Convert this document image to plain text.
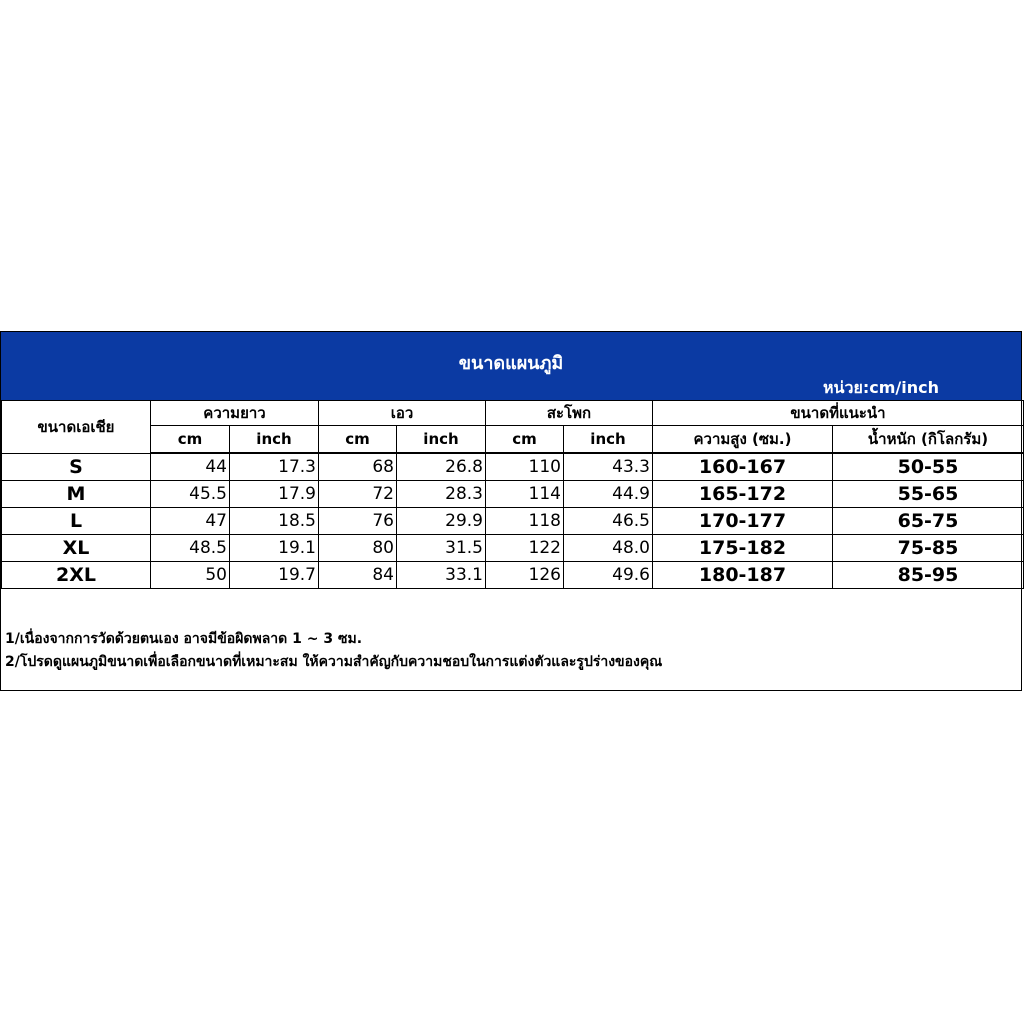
ขนาดแผนภูมิ
หน่วย:cm/inch
ขนาดเอเชีย	ความยาว		เอว		สะโพก		ขนาดที่แนะนำ	
	cm	inch	cm	inch	cm	inch	ความสูง (ซม.)	น้ำหนัก (กิโลกรัม)
S	44	17.3	68	26.8	110	43.3	160-167	50-55
M	45.5	17.9	72	28.3	114	44.9	165-172	55-65
L	47	18.5	76	29.9	118	46.5	170-177	65-75
XL	48.5	19.1	80	31.5	122	48.0	175-182	75-85
2XL	50	19.7	84	33.1	126	49.6	180-187	85-95
1/เนื่องจากการวัดด้วยตนเอง อาจมีข้อผิดพลาด 1 ~ 3 ซม.
2/โปรดดูแผนภูมิขนาดเพื่อเลือกขนาดที่เหมาะสม ให้ความสำคัญกับความชอบในการแต่งตัวและรูปร่างของคุณ
